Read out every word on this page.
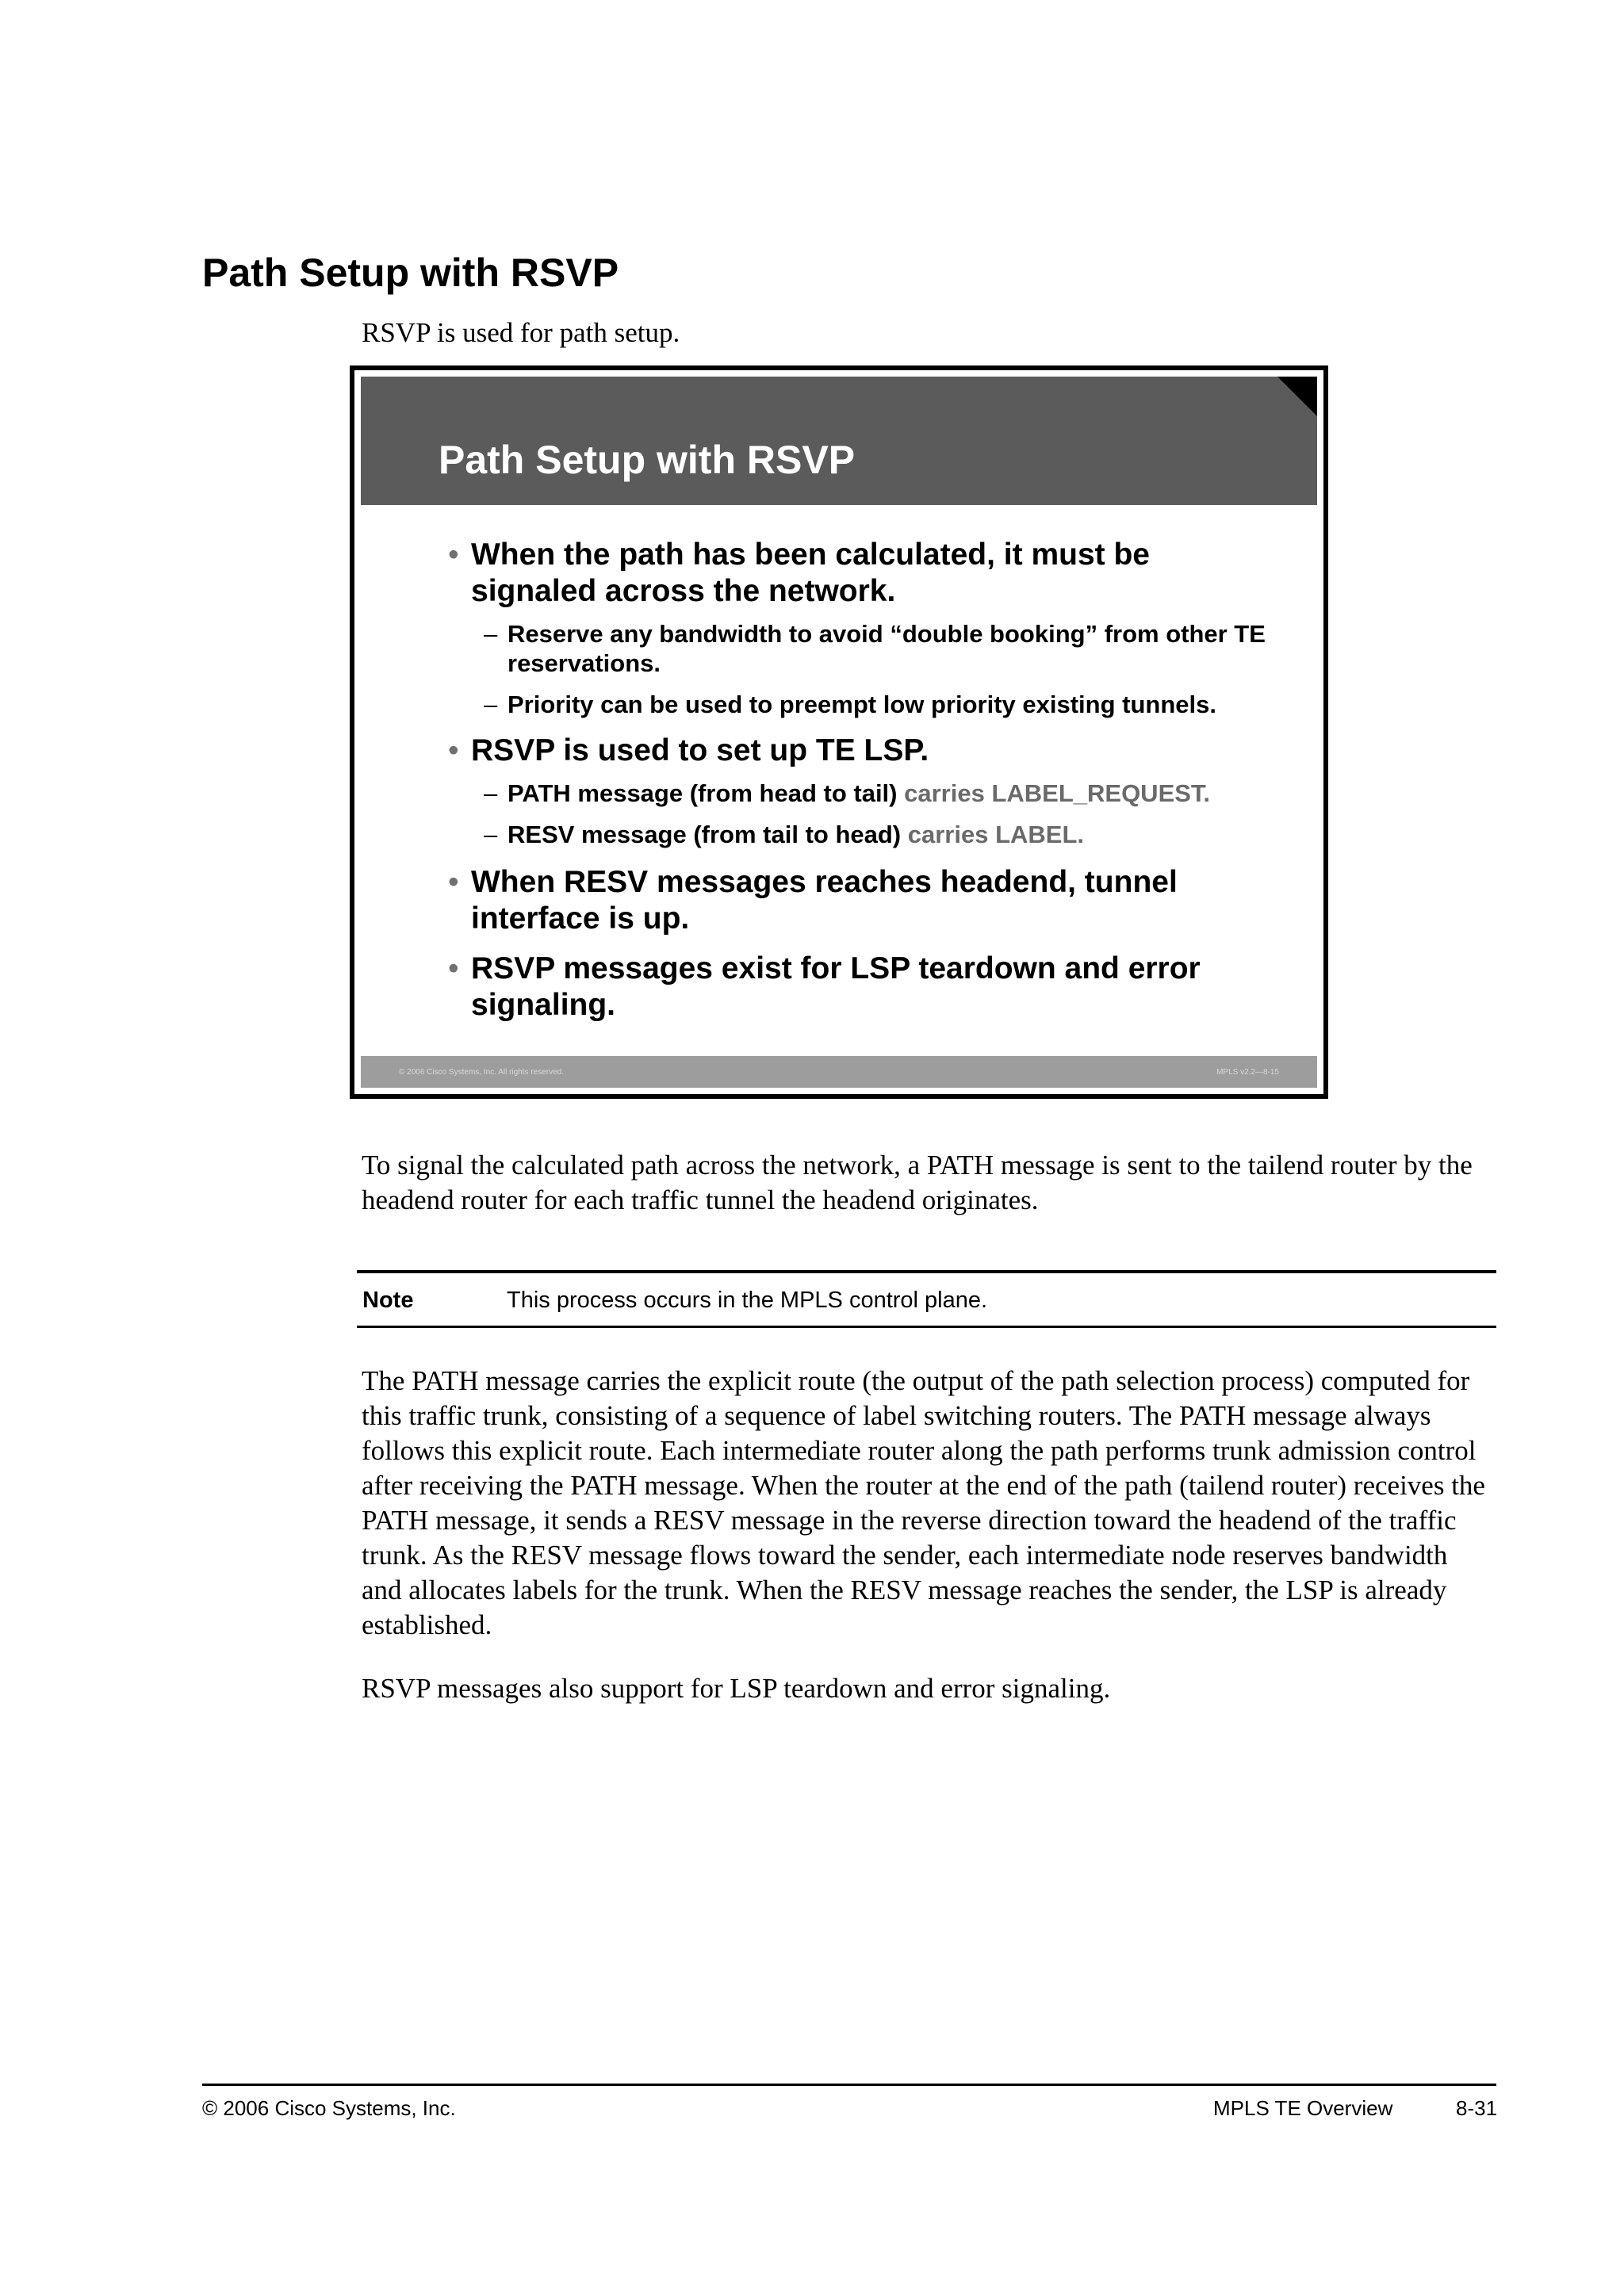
Path Setup with RSVP

RSVP is used for path setup.

Path Setup with RSVP
• When the path has been calculated, it must be signaled across the network.
– Reserve any bandwidth to avoid “double booking” from other TE reservations.
– Priority can be used to preempt low priority existing tunnels.
• RSVP is used to set up TE LSP.
– PATH message (from head to tail) carries LABEL_REQUEST.
– RESV message (from tail to head) carries LABEL.
• When RESV messages reaches headend, tunnel interface is up.
• RSVP messages exist for LSP teardown and error signaling.
© 2006 Cisco Systems, Inc. All rights reserved.	MPLS v2.2—8-15

To signal the calculated path across the network, a PATH message is sent to the tailend router by the headend router for each traffic tunnel the headend originates.

Note	This process occurs in the MPLS control plane.

The PATH message carries the explicit route (the output of the path selection process) computed for this traffic trunk, consisting of a sequence of label switching routers. The PATH message always follows this explicit route. Each intermediate router along the path performs trunk admission control after receiving the PATH message. When the router at the end of the path (tailend router) receives the PATH message, it sends a RESV message in the reverse direction toward the headend of the traffic trunk. As the RESV message flows toward the sender, each intermediate node reserves bandwidth and allocates labels for the trunk. When the RESV message reaches the sender, the LSP is already established.

RSVP messages also support for LSP teardown and error signaling.

© 2006 Cisco Systems, Inc.	MPLS TE Overview	8-31
